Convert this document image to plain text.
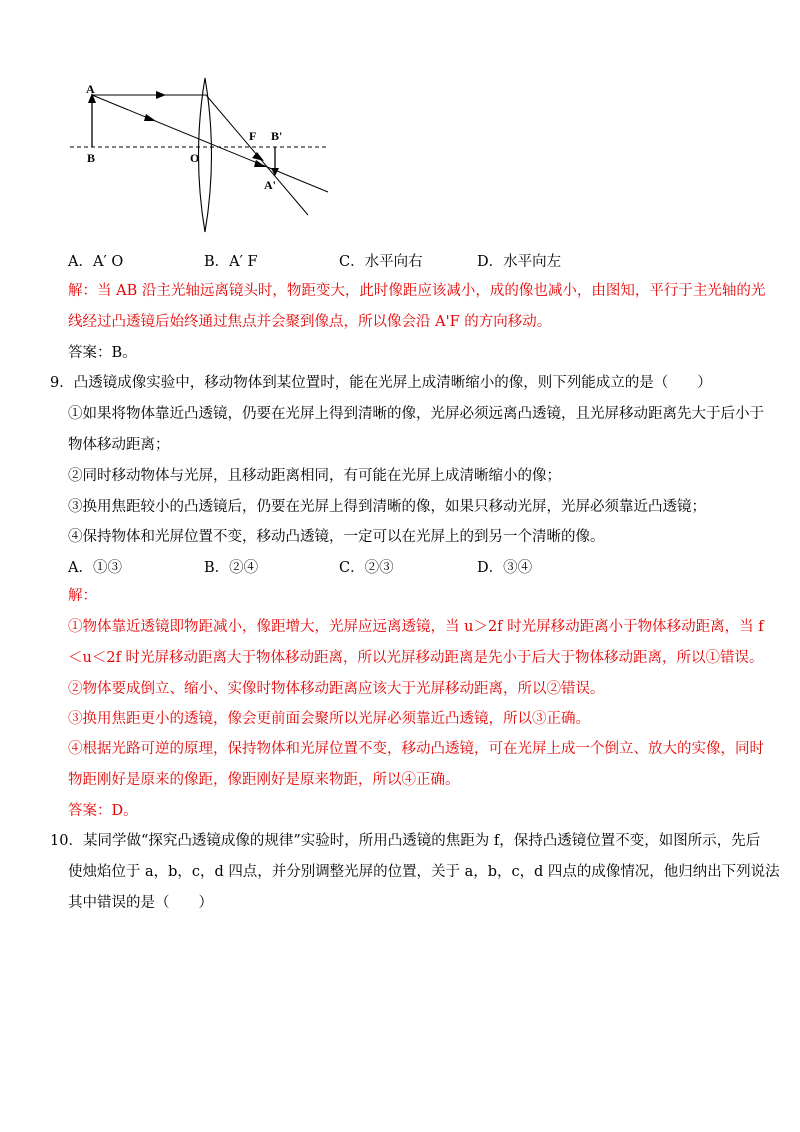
A
B	O
F B'
A'
A．A′ O	B．A′ F	C．水平向右	D．水平向左
解：当 AB 沿主光轴远离镜头时，物距变大，此时像距应该减小，成的像也减小，由图知，平行于主光轴的光
线经过凸透镜后始终通过焦点并会聚到像点，所以像会沿 A'F 的方向移动。
答案：B。
9．凸透镜成像实验中，移动物体到某位置时，能在光屏上成清晰缩小的像，则下列能成立的是（　　）
①如果将物体靠近凸透镜，仍要在光屏上得到清晰的像，光屏必须远离凸透镜，且光屏移动距离先大于后小于
物体移动距离；
②同时移动物体与光屏，且移动距离相同，有可能在光屏上成清晰缩小的像；
③换用焦距较小的凸透镜后，仍要在光屏上得到清晰的像，如果只移动光屏，光屏必须靠近凸透镜；
④保持物体和光屏位置不变，移动凸透镜，一定可以在光屏上的到另一个清晰的像。
A．①③	B．②④	C．②③	D．③④
解：
①物体靠近透镜即物距减小，像距增大，光屏应远离透镜，当 u＞2f 时光屏移动距离小于物体移动距离，当 f
＜u＜2f 时光屏移动距离大于物体移动距离，所以光屏移动距离是先小于后大于物体移动距离，所以①错误。
②物体要成倒立、缩小、实像时物体移动距离应该大于光屏移动距离，所以②错误。
③换用焦距更小的透镜，像会更前面会聚所以光屏必须靠近凸透镜，所以③正确。
④根据光路可逆的原理，保持物体和光屏位置不变，移动凸透镜，可在光屏上成一个倒立、放大的实像，同时
物距刚好是原来的像距，像距刚好是原来物距，所以④正确。
答案：D。
10．某同学做“探究凸透镜成像的规律”实验时，所用凸透镜的焦距为 f，保持凸透镜位置不变，如图所示，先后
使烛焰位于 a，b，c，d 四点，并分别调整光屏的位置，关于 a，b，c，d 四点的成像情况，他归纳出下列说法
其中错误的是（　　）
